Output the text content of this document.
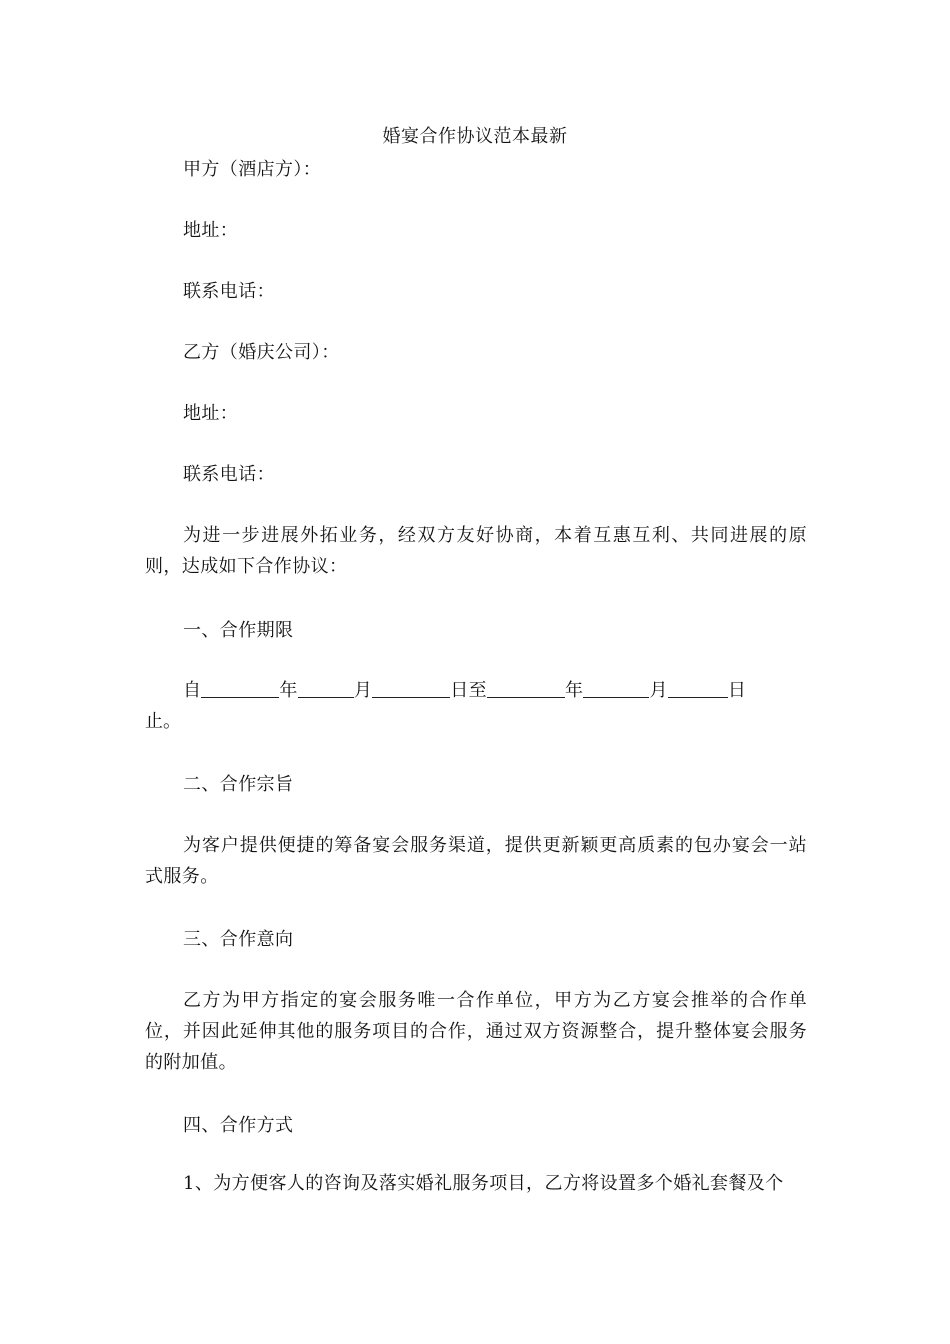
婚宴合作协议范本最新
甲方（酒店方）：
地址：
联系电话：
乙方（婚庆公司）：
地址：
联系电话：
为进一步进展外拓业务，经双方友好协商，本着互惠互利、共同进展的原则，达成如下合作协议：
一、合作期限
自	年	月	日至	年	月	日
止。
二、合作宗旨
为客户提供便捷的筹备宴会服务渠道，提供更新颖更高质素的包办宴会一站式服务。
三、合作意向
乙方为甲方指定的宴会服务唯一合作单位，甲方为乙方宴会推举的合作单位，并因此延伸其他的服务项目的合作，通过双方资源整合，提升整体宴会服务的附加值。
四、合作方式
1、为方便客人的咨询及落实婚礼服务项目，乙方将设置多个婚礼套餐及个
